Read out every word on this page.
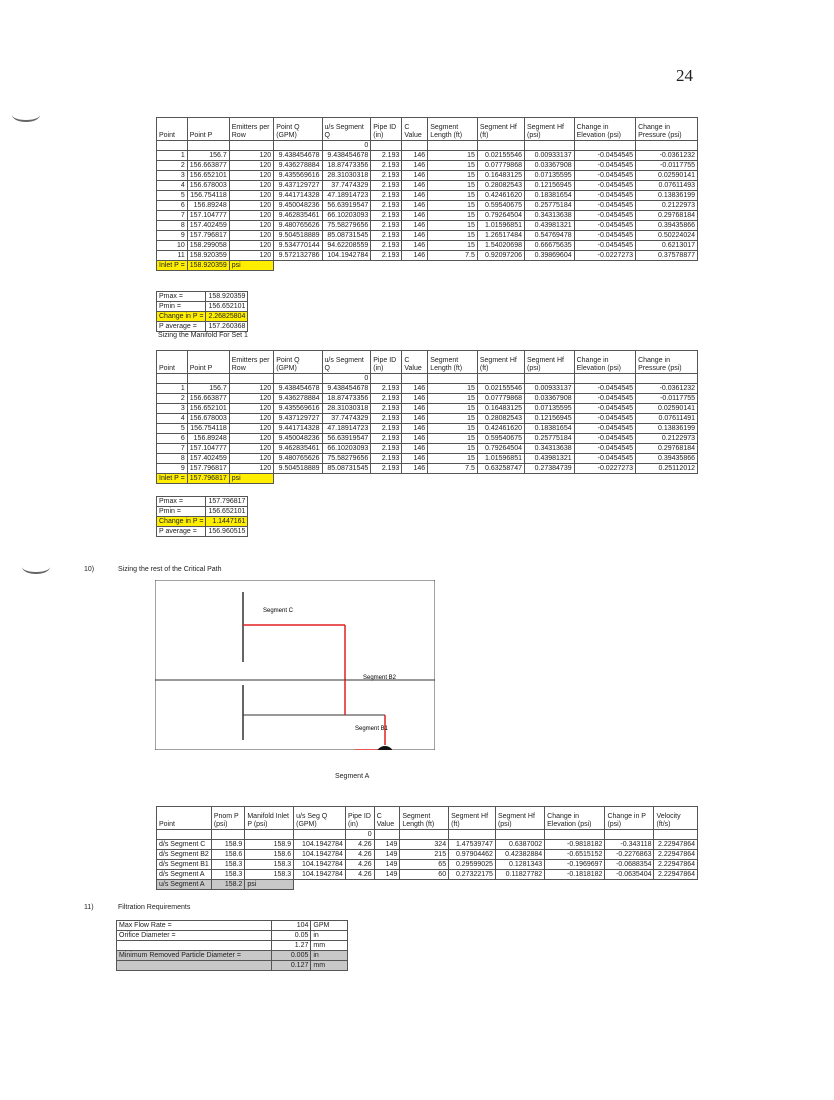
24
Point	Point P	Emitters per Row	Point Q (GPM)	u/s Segment Q	Pipe ID (in)	C Value	Segment Length (ft)	Segment Hf (ft)	Segment Hf (psi)	Change in Elevation (psi)	Change in Pressure (psi)
				0							
1	156.7	120	9.438454678	9.438454678	2.193	146	15	0.02155546	0.00933137	-0.0454545	-0.0361232
2	156.663877	120	9.436278884	18.87473356	2.193	146	15	0.07779868	0.03367908	-0.0454545	-0.0117755
3	156.652101	120	9.435569616	28.31030318	2.193	146	15	0.16483125	0.07135595	-0.0454545	0.02590141
4	156.678003	120	9.437129727	37.7474329	2.193	146	15	0.28082543	0.12156945	-0.0454545	0.07611493
5	156.754118	120	9.441714328	47.18914723	2.193	146	15	0.42461620	0.18381654	-0.0454545	0.13836199
6	156.89248	120	9.450048236	56.63919547	2.193	146	15	0.59540675	0.25775184	-0.0454545	0.2122973
7	157.104777	120	9.462835461	66.10203093	2.193	146	15	0.79264504	0.34313638	-0.0454545	0.29768184
8	157.402459	120	9.480765626	75.58279656	2.193	146	15	1.01596851	0.43981321	-0.0454545	0.39435866
9	157.796817	120	9.504518889	85.08731545	2.193	146	15	1.26517484	0.54769478	-0.0454545	0.50224024
10	158.299058	120	9.534770144	94.62208559	2.193	146	15	1.54020698	0.66675635	-0.0454545	0.6213017
11	158.920359	120	9.572132786	104.1942784	2.193	146	7.5	0.92097206	0.39869604	-0.0227273	0.37578877
Inlet P =	158.920359	psi									
Pmax =	158.920359
Pmin =	156.652101
Change in P =	2.26825804
P average =	157.260368
Sizing the Manifold For Set 1
Point	Point P	Emitters per Row	Point Q (GPM)	u/s Segment Q	Pipe ID (in)	C Value	Segment Length (ft)	Segment Hf (ft)	Segment Hf (psi)	Change in Elevation (psi)	Change in Pressure (psi)
				0							
1	156.7	120	9.438454678	9.438454678	2.193	146	15	0.02155546	0.00933137	-0.0454545	-0.0361232
2	156.663877	120	9.436278884	18.87473356	2.193	146	15	0.07779868	0.03367908	-0.0454545	-0.0117755
3	156.652101	120	9.435569616	28.31030318	2.193	146	15	0.16483125	0.07135595	-0.0454545	0.02590141
4	156.678003	120	9.437129727	37.7474329	2.193	146	15	0.28082543	0.12156945	-0.0454545	0.07611491
5	156.754118	120	9.441714328	47.18914723	2.193	146	15	0.42461620	0.18381654	-0.0454545	0.13836199
6	156.89248	120	9.450048236	56.63919547	2.193	146	15	0.59540675	0.25775184	-0.0454545	0.2122973
7	157.104777	120	9.462835461	66.10203093	2.193	146	15	0.79264504	0.34313638	-0.0454545	0.29768184
8	157.402459	120	9.480765626	75.58279656	2.193	146	15	1.01596851	0.43981321	-0.0454545	0.39435866
9	157.796817	120	9.504518889	85.08731545	2.193	146	7.5	0.63258747	0.27384739	-0.0227273	0.25112012
Inlet P =	157.796817	psi									
Pmax =	157.796817
Pmin =	156.652101
Change in P =	1.1447161
P average =	156.960515
10)	Sizing the rest of the Critical Path
Segment C
Segment B2
Segment B1
Segment A
Point	Pnom P (psi)	Manifold Inlet P (psi)	u/s Seg Q (GPM)	Pipe ID (in)	C Value	Segment Length (ft)	Segment Hf (ft)	Segment Hf (psi)	Change in Elevation (psi)	Change in P (psi)	Velocity (ft/s)
				0							
d/s Segment C	158.9	158.9	104.1942784	4.26	149	324	1.47539747	0.6387002	-0.9818182	-0.343118	2.22947864
d/s Segment B2	158.6	158.6	104.1942784	4.26	149	215	0.97904462	0.42382884	-0.6515152	-0.2276863	2.22947864
d/s Segment B1	158.3	158.3	104.1942784	4.26	149	65	0.29599025	0.1281343	-0.1969697	-0.0688354	2.22947864
d/s Segment A	158.3	158.3	104.1942784	4.26	149	60	0.27322175	0.11827782	-0.1818182	-0.0635404	2.22947864
u/s Segment A	158.2	psi									
11)	Filtration Requirements
Max Flow Rate =	104	GPM
Orifice Diameter =	0.05	in
	1.27	mm
Minimum Removed Particle Diameter =	0.005	in
	0.127	mm
